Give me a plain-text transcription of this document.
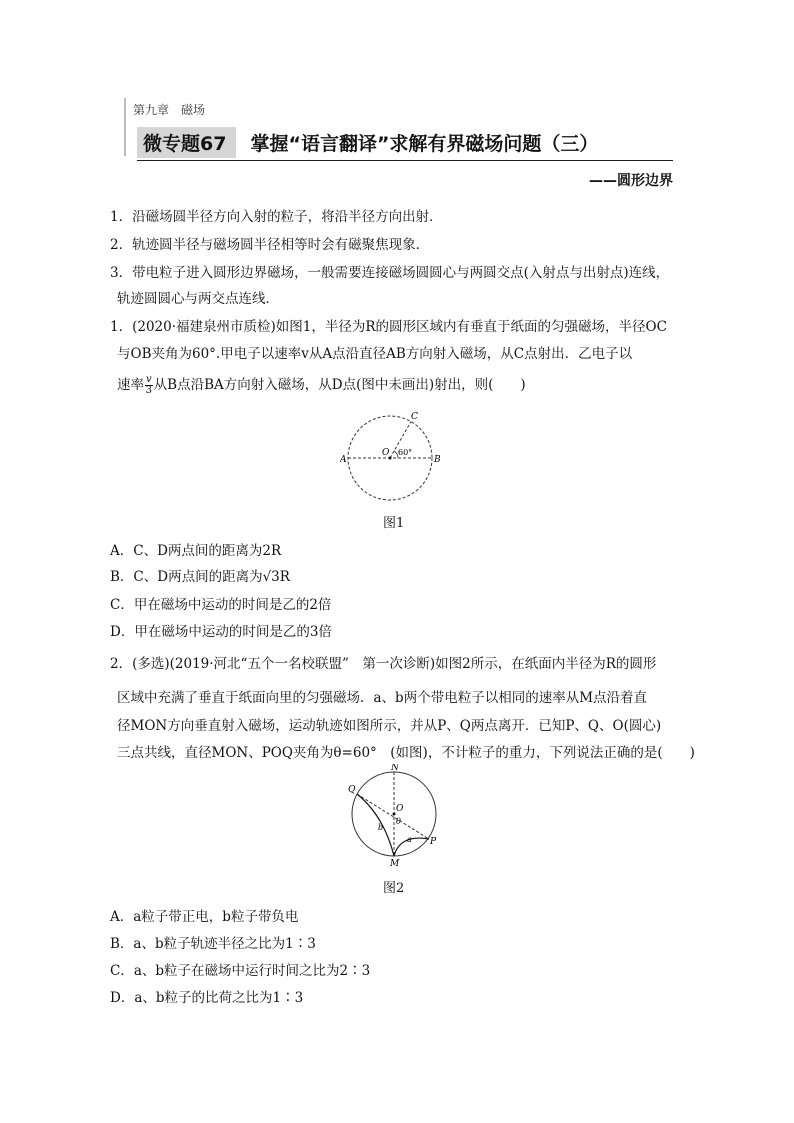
第九章　磁场
微专题67	掌握“语言翻译”求解有界磁场问题（三）
——圆形边界
1．沿磁场圆半径方向入射的粒子，将沿半径方向出射．
2．轨迹圆半径与磁场圆半径相等时会有磁聚焦现象．
3．带电粒子进入圆形边界磁场，一般需要连接磁场圆圆心与两圆交点(入射点与出射点)连线，
轨迹圆圆心与两交点连线．
1．(2020·福建泉州市质检)如图1，半径为R的圆形区域内有垂直于纸面的匀强磁场，半径OC
与OB夹角为60°.甲电子以速率v从A点沿直径AB方向射入磁场，从C点射出．乙电子以
速率 $\frac{v}{3}$ 从B点沿BA方向射入磁场，从D点(图中未画出)射出，则(　　)
A	B
C
O 60°
图1
A．C、D两点间的距离为2R
B．C、D两点间的距离为√3R
C．甲在磁场中运动的时间是乙的2倍
D．甲在磁场中运动的时间是乙的3倍
2．(多选)(2019·河北“五个一名校联盟”　第一次诊断)如图2所示，在纸面内半径为R的圆形
区域中充满了垂直于纸面向里的匀强磁场．a、b两个带电粒子以相同的速率从M点沿着直
径MON方向垂直射入磁场，运动轨迹如图所示，并从P、Q两点离开．已知P、Q、O(圆心)
三点共线，直径MON、POQ夹角为θ=60°　(如图)，不计粒子的重力，下列说法正确的是(　　)
N
Q
O
θ
b
a P
M
图2
A．a粒子带正电，b粒子带负电
B．a、b粒子轨迹半径之比为1∶3
C．a、b粒子在磁场中运行时间之比为2∶3
D．a、b粒子的比荷之比为1∶3
